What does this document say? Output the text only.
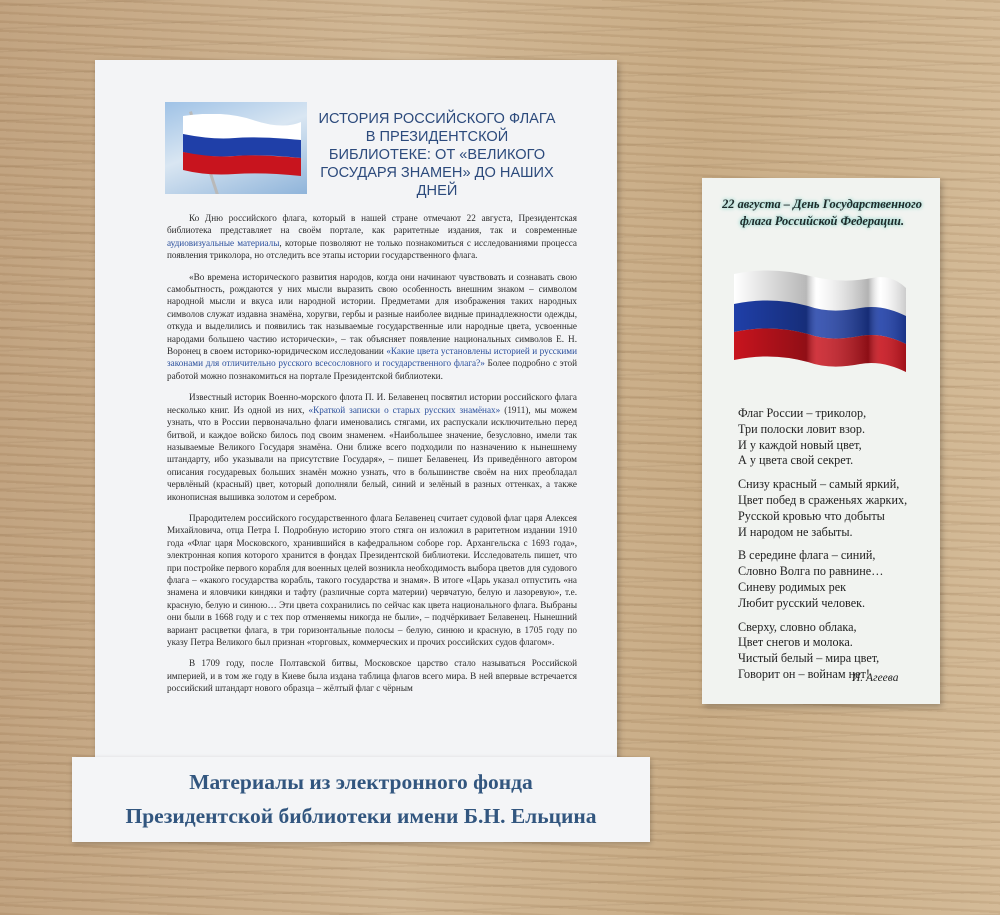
ИСТОРИЯ РОССИЙСКОГО ФЛАГА В ПРЕЗИДЕНТСКОЙ БИБЛИОТЕКЕ: ОТ «ВЕЛИКОГО ГОСУДАРЯ ЗНАМЕН» ДО НАШИХ ДНЕЙ

Ко Дню российского флага, который в нашей стране отмечают 22 августа, Президентская библиотека представляет на своём портале, как раритетные издания, так и современные аудиовизуальные материалы, которые позволяют не только познакомиться с исследованиями процесса появления триколора, но отследить все этапы истории государственного флага.

«Во времена исторического развития народов, когда они начинают чувствовать и сознавать свою самобытность, рождаются у них мысли выразить свою особенность внешним знаком – символом народной мысли и вкуса или народной истории. Предметами для изображения таких народных символов служат издавна знамёна, хоругви, гербы и разные наиболее видные принадлежности одежды, откуда и выделились и появились так называемые государственные или народные цвета, усвоенные народами большею частию исторически», – так объясняет появление национальных символов Е. Н. Воронец в своем историко-юридическом исследовании «Какие цвета установлены историей и русскими законами для отличительно русского всесословного и государственного флага?» Более подробно с этой работой можно познакомиться на портале Президентской библиотеки.

Известный историк Военно-морского флота П. И. Белавенец посвятил истории российского флага несколько книг. Из одной из них, «Краткой записки о старых русских знамёнах» (1911), мы можем узнать, что в России первоначально флаги именовались стягами, их распускали исключительно перед битвой, и каждое войско билось под своим знаменем. «Наибольшее значение, безусловно, имели так называемые Великого Государя знамёна. Они ближе всего подходили по назначению к нынешнему штандарту, ибо указывали на присутствие Государя», – пишет Белавенец. Из приведённого автором описания государевых больших знамён можно узнать, что в большинстве своём на них преобладал червлёный (красный) цвет, который дополняли белый, синий и зелёный в разных оттенках, а также иконописная вышивка золотом и серебром.

Прародителем российского государственного флага Белавенец считает судовой флаг царя Алексея Михайловича, отца Петра I. Подробную историю этого стяга он изложил в раритетном издании 1910 года «Флаг царя Московского, хранившийся в кафедральном соборе гор. Архангельска с 1693 года», электронная копия которого хранится в фондах Президентской библиотеки. Исследователь пишет, что при постройке первого корабля для военных целей возникла необходимость выбора цветов для судового флага – «какого государства корабль, такого государства и знамя». В итоге «Царь указал отпустить «на знамена и яловчики киндяки и тафту (различные сорта материи) червчатую, белую и лазоревую», т.е. красную, белую и синюю… Эти цвета сохранились по сейчас как цвета национального флага. Выбраны они были в 1668 году и с тех пор отменяемы никогда не были», – подчёркивает Белавенец. Нынешний вариант расцветки флага, в три горизонтальные полосы – белую, синюю и красную, в 1705 году по указу Петра Великого был признан «торговых, коммерческих и прочих российских судов флагом».

В 1709 году, после Полтавской битвы, Московское царство стало называться Российской империей, и в том же году в Киеве была издана таблица флагов всего мира. В ней впервые встречается российский штандарт нового образца – жёлтый флаг с чёрным

22 августа – День Государственного
флага Российской Федерации.
Флаг России – триколор,
Три полоски ловит взор.
И у каждой новый цвет,
А у цвета свой секрет.
Снизу красный – самый яркий,
Цвет побед в сраженьях жарких,
Русской кровью что добыты
И народом не забыты.
В середине флага – синий,
Словно Волга по равнине…
Синеву родимых рек
Любит русский человек.
Сверху, словно облака,
Цвет снегов и молока.
Чистый белый – мира цвет,
Говорит он – войнам нет!
И. Агеева
Материалы из электронного фонда
Президентской библиотеки имени Б.Н. Ельцина
